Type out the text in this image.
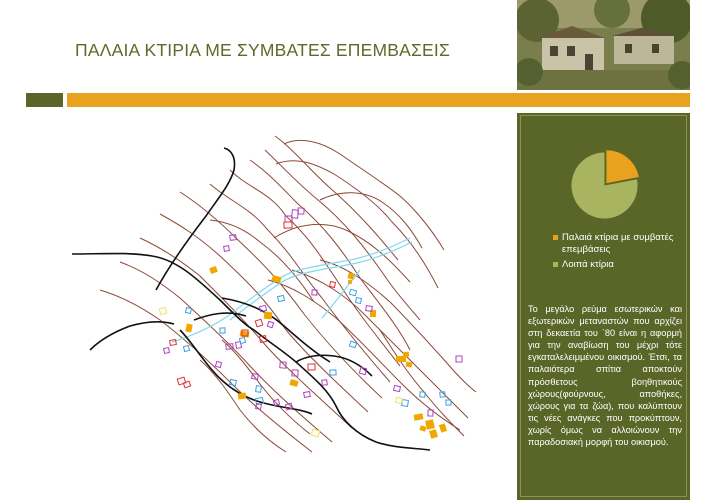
ΠΑΛΑΙΑ ΚΤΙΡΙΑ ΜΕ ΣΥΜΒΑΤΕΣ ΕΠΕΜΒΑΣΕΙΣ
Παλαιά κτίρια με συμβατές επεμβάσεις
Λοιπά κτίρια
Το μεγάλο ρεύμα εσωτερικών και εξωτερικών μεταναστών που αρχίζει στη δεκαετία του `80 είναι η αφορμή για την αναβίωση του μέχρι τότε εγκαταλελειμμένου οικισμού. Έτσι, τα παλαιότερα σπίτια αποκτούν πρόσθετους βοηθητικούς χώρους(φούρνους, αποθήκες, χώρους για τα ζώα), που καλύπτουν τις νέες ανάγκες που προκύπτουν, χωρίς όμως να αλλοιώνουν την παραδοσιακή μορφή του οικισμού.
